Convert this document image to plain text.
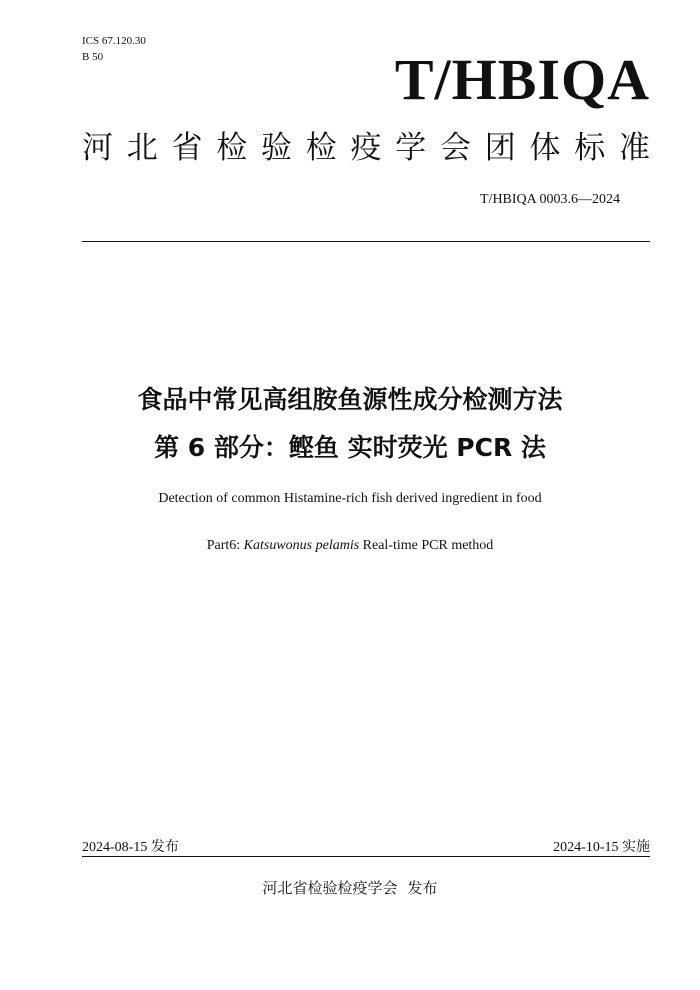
ICS 67.120.30
B 50	T/HBIQA
河 北 省 检 验 检 疫 学 会 团 体 标 准
T/HBIQA 0003.6—2024
食品中常见高组胺鱼源性成分检测方法
第 6 部分：鲣鱼 实时荧光 PCR 法
Detection of common Histamine-rich fish derived ingredient in food
Part6: Katsuwonus pelamis Real-time PCR method
2024-08-15 发布	2024-10-15 实施
河北省检验检疫学会 发布
